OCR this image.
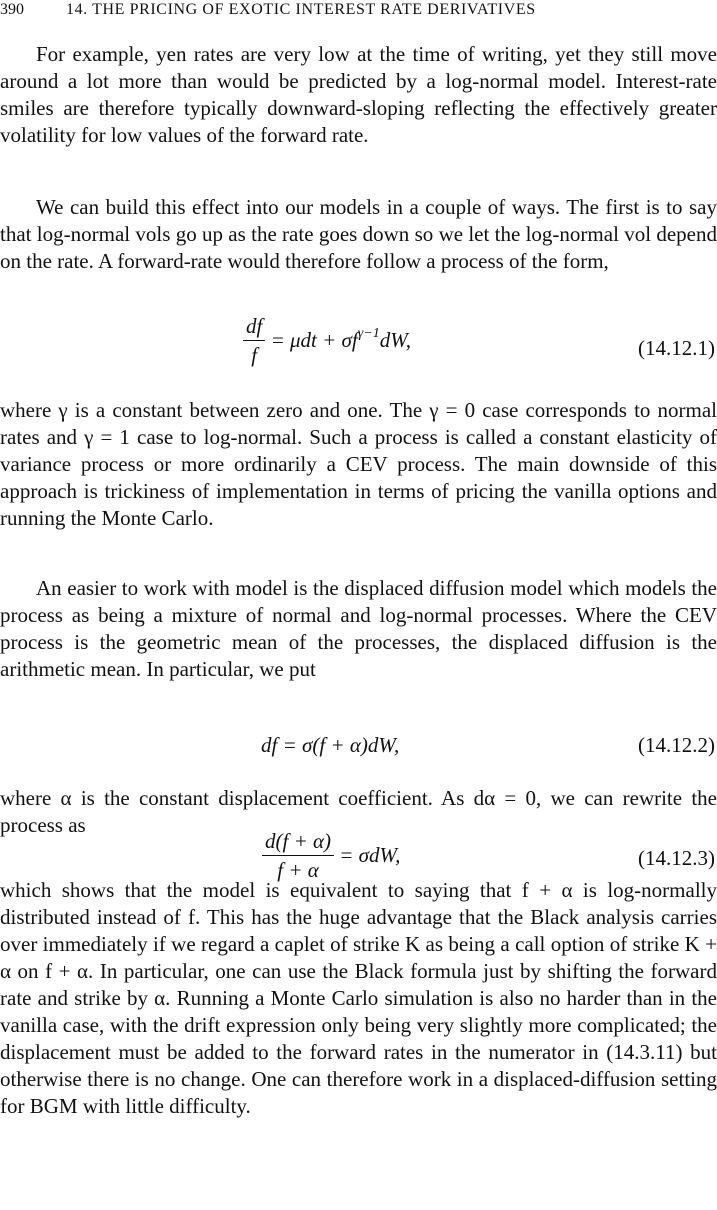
390	14. THE PRICING OF EXOTIC INTEREST RATE DERIVATIVES

For example, yen rates are very low at the time of writing, yet they still move around a lot more than would be predicted by a log-normal model. Interest-rate smiles are therefore typically downward-sloping reflecting the effectively greater volatility for low values of the forward rate.

We can build this effect into our models in a couple of ways. The first is to say that log-normal vols go up as the rate goes down so we let the log-normal vol depend on the rate. A forward-rate would therefore follow a process of the form,

$\frac{df}{f} = \mu dt + \sigma f^{\gamma-1}dW$,	(14.12.1)

where γ is a constant between zero and one. The γ = 0 case corresponds to normal rates and γ = 1 case to log-normal. Such a process is called a constant elasticity of variance process or more ordinarily a CEV process. The main downside of this approach is trickiness of implementation in terms of pricing the vanilla options and running the Monte Carlo.

An easier to work with model is the displaced diffusion model which models the process as being a mixture of normal and log-normal processes. Where the CEV process is the geometric mean of the processes, the displaced diffusion is the arithmetic mean. In particular, we put

df = σ(f + α)dW,	(14.12.2)

where α is the constant displacement coefficient. As dα = 0, we can rewrite the process as

$\frac{d(f + \alpha)}{f + \alpha} = \sigma dW$,	(14.12.3)

which shows that the model is equivalent to saying that f + α is log-normally distributed instead of f. This has the huge advantage that the Black analysis carries over immediately if we regard a caplet of strike K as being a call option of strike K + α on f + α. In particular, one can use the Black formula just by shifting the forward rate and strike by α. Running a Monte Carlo simulation is also no harder than in the vanilla case, with the drift expression only being very slightly more complicated; the displacement must be added to the forward rates in the numerator in (14.3.11) but otherwise there is no change. One can therefore work in a displaced-diffusion setting for BGM with little difficulty.
